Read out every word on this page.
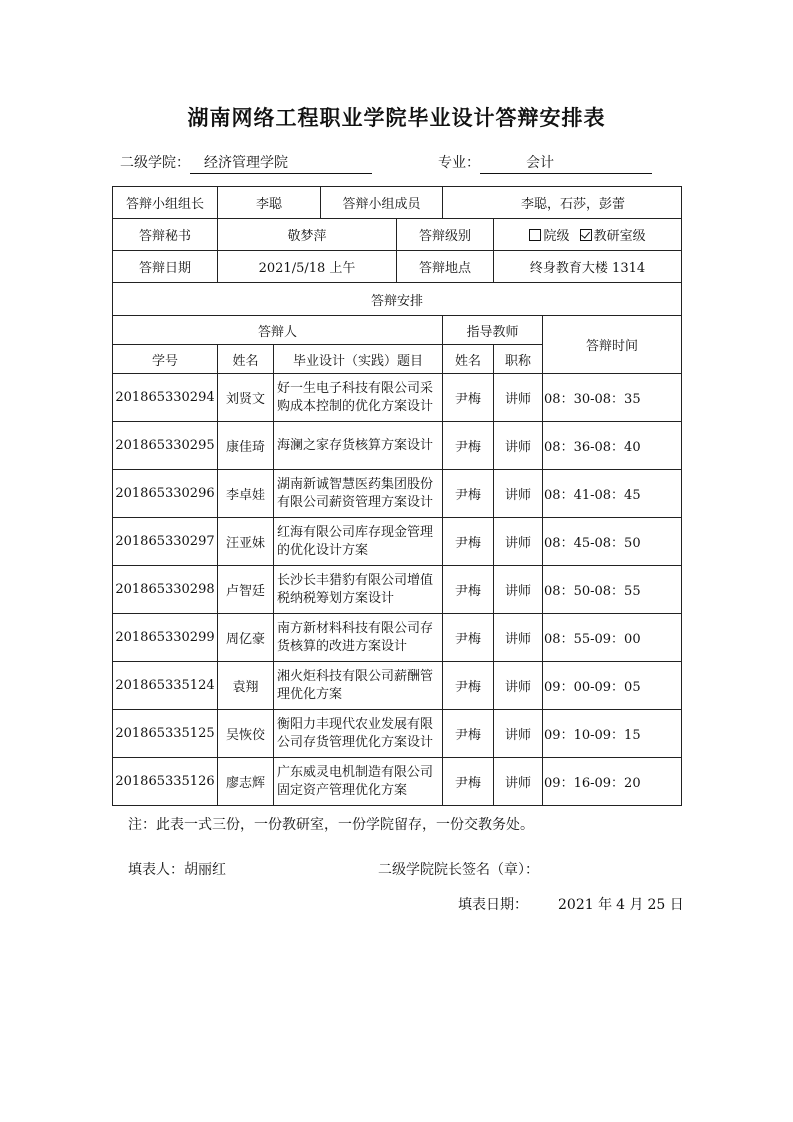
湖南网络工程职业学院毕业设计答辩安排表
二级学院： 经济管理学院	专业：	会计
答辩小组组长	李聪		答辩小组成员		李聪，石莎，彭蕾		
答辩秘书	敬梦萍			答辩级别		院级 教研室级	
答辩日期	2021/5/18 上午			答辩地点		终身教育大楼 1314	
答辩安排							
答辩人					指导教师		答辩时间
学号	姓名	毕业设计（实践）题目			姓名	职称	
201865330294	刘贤文	好一生电子科技有限公司采购成本控制的优化方案设计			尹梅	讲师	08：30-08：35
201865330295	康佳琦	海澜之家存货核算方案设计			尹梅	讲师	08：36-08：40
201865330296	李卓娃	湖南新诚智慧医药集团股份有限公司薪资管理方案设计			尹梅	讲师	08：41-08：45
201865330297	汪亚妹	红海有限公司库存现金管理的优化设计方案			尹梅	讲师	08：45-08：50
201865330298	卢智廷	长沙长丰猎豹有限公司增值税纳税筹划方案设计			尹梅	讲师	08：50-08：55
201865330299	周亿豪	南方新材料科技有限公司存货核算的改进方案设计			尹梅	讲师	08：55-09：00
201865335124	袁翔	湘火炬科技有限公司薪酬管理优化方案			尹梅	讲师	09：00-09：05
201865335125	吴恢佼	衡阳力丰现代农业发展有限公司存货管理优化方案设计			尹梅	讲师	09：10-09：15
201865335126	廖志辉	广东威灵电机制造有限公司固定资产管理优化方案			尹梅	讲师	09：16-09：20
注：此表一式三份，一份教研室，一份学院留存，一份交教务处。
填表人：胡丽红	二级学院院长签名（章）：
填表日期： 2021 年 4 月 25 日
